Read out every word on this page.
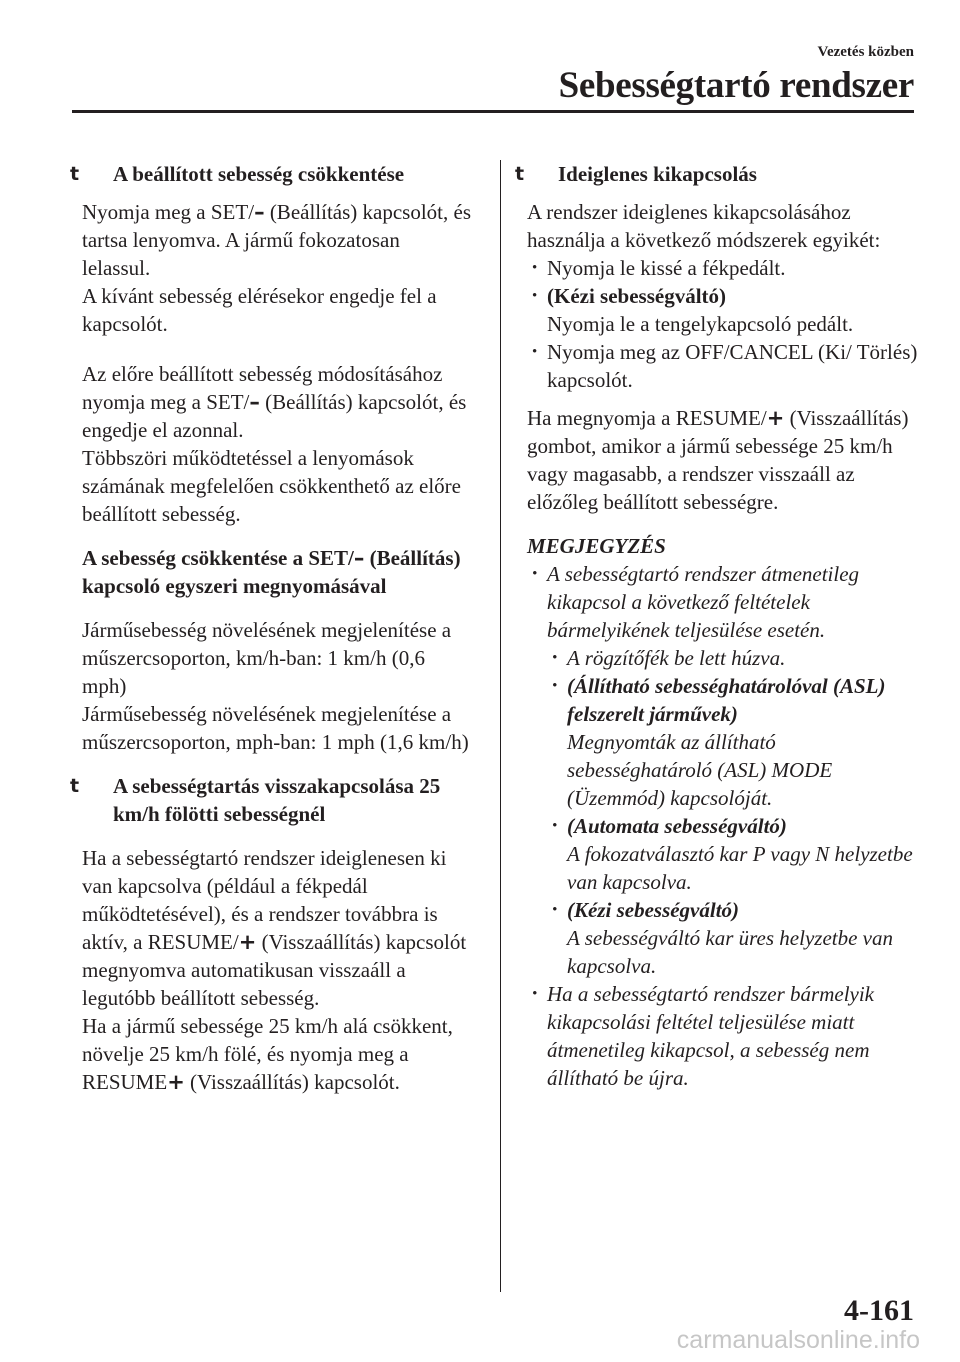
Vezetés közben
Sebességtartó rendszer
t A beállított sebesség csökkentése

Nyomja meg a SET/– (Beállítás) kapcsolót, és tartsa lenyomva. A jármű fokozatosan lelassul.
A kívánt sebesség elérésekor engedje fel a kapcsolót.

Az előre beállított sebesség módosításához nyomja meg a SET/– (Beállítás) kapcsolót, és engedje el azonnal.
Többszöri működtetéssel a lenyomások számának megfelelően csökkenthető az előre beállított sebesség.

A sebesség csökkentése a SET/– (Beállítás) kapcsoló egyszeri megnyomásával

Járműsebesség növelésének megjelenítése a műszercsoporton, km/h-ban: 1 km/h (0,6 mph)

Járműsebesség növelésének megjelenítése a műszercsoporton, mph-ban: 1 mph (1,6 km/h)

t A sebességtartás visszakapcsolása 25 km/h fölötti sebességnél

Ha a sebességtartó rendszer ideiglenesen ki van kapcsolva (például a fékpedál működtetésével), és a rendszer továbbra is aktív, a RESUME/+ (Visszaállítás) kapcsolót megnyomva automatikusan visszaáll a legutóbb beállított sebesség.

Ha a jármű sebessége 25 km/h alá csökkent, növelje 25 km/h fölé, és nyomja meg a RESUME+ (Visszaállítás) kapcsolót.

t Ideiglenes kikapcsolás

A rendszer ideiglenes kikapcsolásához használja a következő módszerek egyikét:

• Nyomja le kissé a fékpedált.
• (Kézi sebességváltó)
Nyomja le a tengelykapcsoló pedált.
• Nyomja meg az OFF/CANCEL (Ki/ Törlés) kapcsolót.

Ha megnyomja a RESUME/+ (Visszaállítás) gombot, amikor a jármű sebessége 25 km/h vagy magasabb, a rendszer visszaáll az előzőleg beállított sebességre.

MEGJEGYZÉS

• A sebességtartó rendszer átmenetileg kikapcsol a következő feltételek bármelyikének teljesülése esetén.
• A rögzítőfék be lett húzva.
• (Állítható sebességhatárolóval (ASL) felszerelt járművek)
Megnyomták az állítható sebességhatároló (ASL) MODE (Üzemmód) kapcsolóját.
• (Automata sebességváltó)
A fokozatválasztó kar P vagy N helyzetbe van kapcsolva.
• (Kézi sebességváltó)
A sebességváltó kar üres helyzetbe van kapcsolva.
• Ha a sebességtartó rendszer bármelyik kikapcsolási feltétel teljesülése miatt átmenetileg kikapcsol, a sebesség nem állítható be újra.
4-161
carmanualsonline.info
